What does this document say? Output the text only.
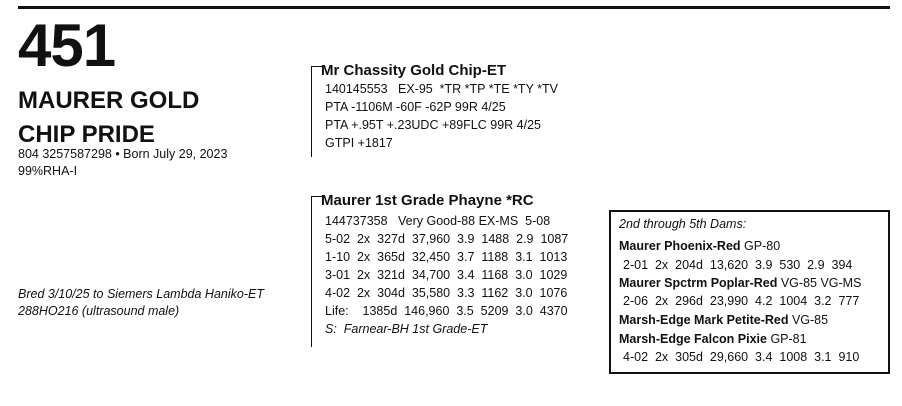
451
MAURER GOLD
CHIP PRIDE
804 3257587298 • Born July 29, 2023
99%RHA-I
Mr Chassity Gold Chip-ET
140145553   EX-95  *TR *TP *TE *TY *TV
PTA -1106M -60F -62P 99R 4/25
PTA +.95T +.23UDC +89FLC 99R 4/25
GTPI +1817
Maurer 1st Grade Phayne *RC
144737358   Very Good-88 EX-MS  5-08
5-02  2x  327d  37,960  3.9  1488  2.9  1087
1-10  2x  365d  32,450  3.7  1188  3.1  1013
3-01  2x  321d  34,700  3.4  1168  3.0  1029
4-02  2x  304d  35,580  3.3  1162  3.0  1076
Life:    1385d  146,960  3.5  5209  3.0  4370
S:  Farnear-BH 1st Grade-ET
Bred 3/10/25 to Siemers Lambda Haniko-ET
288HO216 (ultrasound male)
2nd through 5th Dams:
Maurer Phoenix-Red GP-80
2-01  2x  204d  13,620  3.9  530  2.9  394
Maurer Spctrm Poplar-Red VG-85 VG-MS
2-06  2x  296d  23,990  4.2  1004  3.2  777
Marsh-Edge Mark Petite-Red VG-85
Marsh-Edge Falcon Pixie GP-81
4-02  2x  305d  29,660  3.4  1008  3.1  910
